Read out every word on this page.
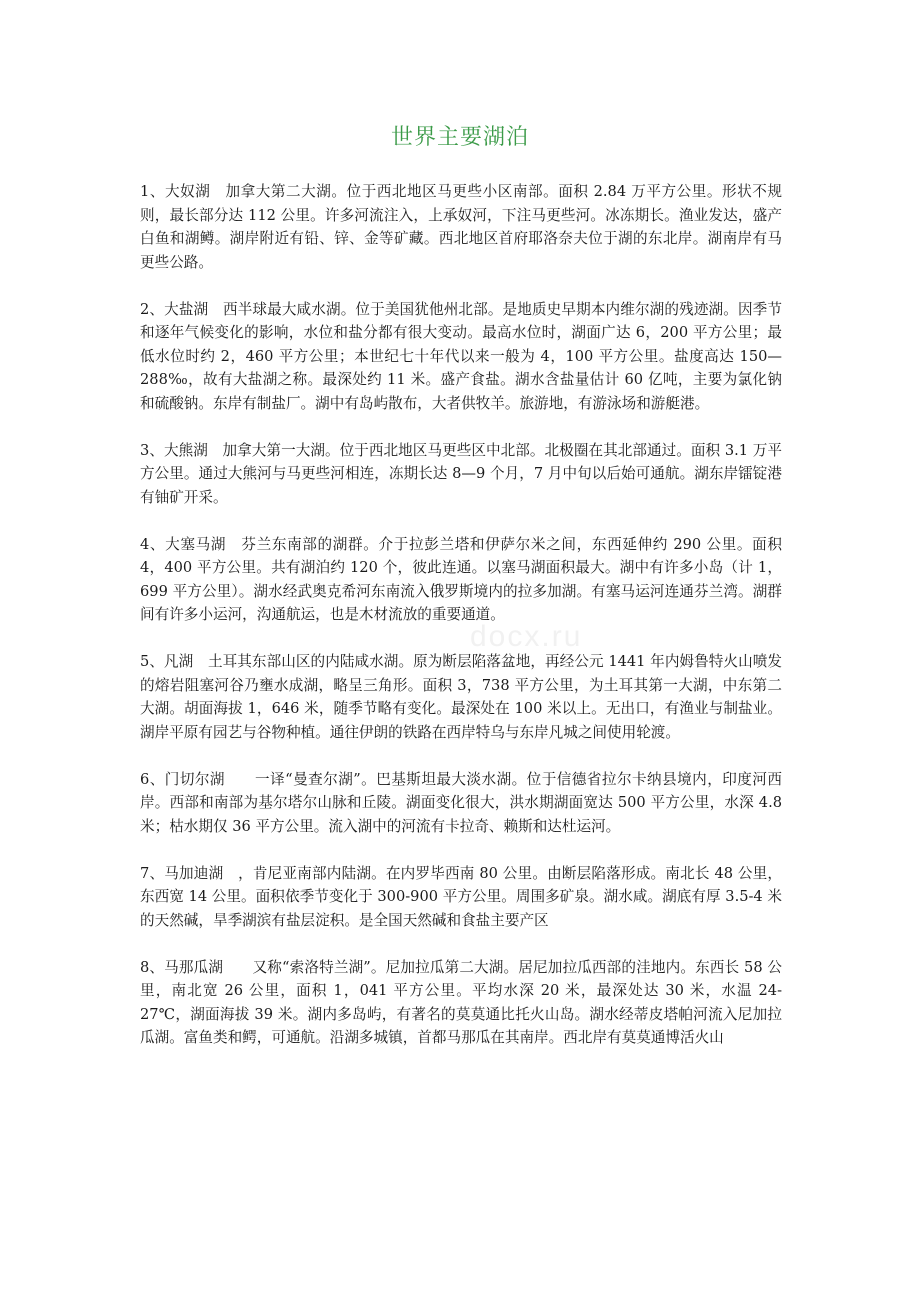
世界主要湖泊

1、大奴湖　加拿大第二大湖。位于西北地区马更些小区南部。面积 2.84 万平方公里。形状不规则，最长部分达 112 公里。许多河流注入，上承奴河，下注马更些河。冰冻期长。渔业发达，盛产白鱼和湖鳟。湖岸附近有铅、锌、金等矿藏。西北地区首府耶洛奈夫位于湖的东北岸。湖南岸有马更些公路。

2、大盐湖　西半球最大咸水湖。位于美国犹他州北部。是地质史早期本内维尔湖的残迹湖。因季节和逐年气候变化的影响，水位和盐分都有很大变动。最高水位时，湖面广达 6，200 平方公里；最低水位时约 2，460 平方公里；本世纪七十年代以来一般为 4，100 平方公里。盐度高达 150—288‰，故有大盐湖之称。最深处约 11 米。盛产食盐。湖水含盐量估计 60 亿吨，主要为氯化钠和硫酸钠。东岸有制盐厂。湖中有岛屿散布，大者供牧羊。旅游地，有游泳场和游艇港。

3、大熊湖　加拿大第一大湖。位于西北地区马更些区中北部。北极圈在其北部通过。面积 3.1 万平方公里。通过大熊河与马更些河相连，冻期长达 8—9 个月，7 月中旬以后始可通航。湖东岸镭锭港有铀矿开采。

4、大塞马湖　芬兰东南部的湖群。介于拉彭兰塔和伊萨尔米之间，东西延伸约 290 公里。面积 4，400 平方公里。共有湖泊约 120 个，彼此连通。以塞马湖面积最大。湖中有许多小岛（计 1，699 平方公里）。湖水经武奥克希河东南流入俄罗斯境内的拉多加湖。有塞马运河连通芬兰湾。湖群间有许多小运河，沟通航运，也是木材流放的重要通道。

5、凡湖　土耳其东部山区的内陆咸水湖。原为断层陷落盆地，再经公元 1441 年内姆鲁特火山喷发的熔岩阻塞河谷乃壅水成湖，略呈三角形。面积 3，738 平方公里，为土耳其第一大湖，中东第二大湖。胡面海拔 1，646 米，随季节略有变化。最深处在 100 米以上。无出口，有渔业与制盐业。湖岸平原有园艺与谷物种植。通往伊朗的铁路在西岸特乌与东岸凡城之间使用轮渡。

6、门切尔湖　　一译“曼查尔湖”。巴基斯坦最大淡水湖。位于信德省拉尔卡纳县境内，印度河西岸。西部和南部为基尔塔尔山脉和丘陵。湖面变化很大，洪水期湖面宽达 500 平方公里，水深 4.8 米；枯水期仅 36 平方公里。流入湖中的河流有卡拉奇、赖斯和达杜运河。

7、马加迪湖　，肯尼亚南部内陆湖。在内罗毕西南 80 公里。由断层陷落形成。南北长 48 公里，东西宽 14 公里。面积依季节变化于 300-900 平方公里。周围多矿泉。湖水咸。湖底有厚 3.5-4 米的天然碱，旱季湖滨有盐层淀积。是全国天然碱和食盐主要产区

8、马那瓜湖　　又称“索洛特兰湖”。尼加拉瓜第二大湖。居尼加拉瓜西部的洼地内。东西长 58 公里，南北宽 26 公里，面积 1，041 平方公里。平均水深 20 米，最深处达 30 米，水温 24-27℃，湖面海拔 39 米。湖内多岛屿，有著名的莫莫通比托火山岛。湖水经蒂皮塔帕河流入尼加拉瓜湖。富鱼类和鳄，可通航。沿湖多城镇，首都马那瓜在其南岸。西北岸有莫莫通博活火山

docx.ru
